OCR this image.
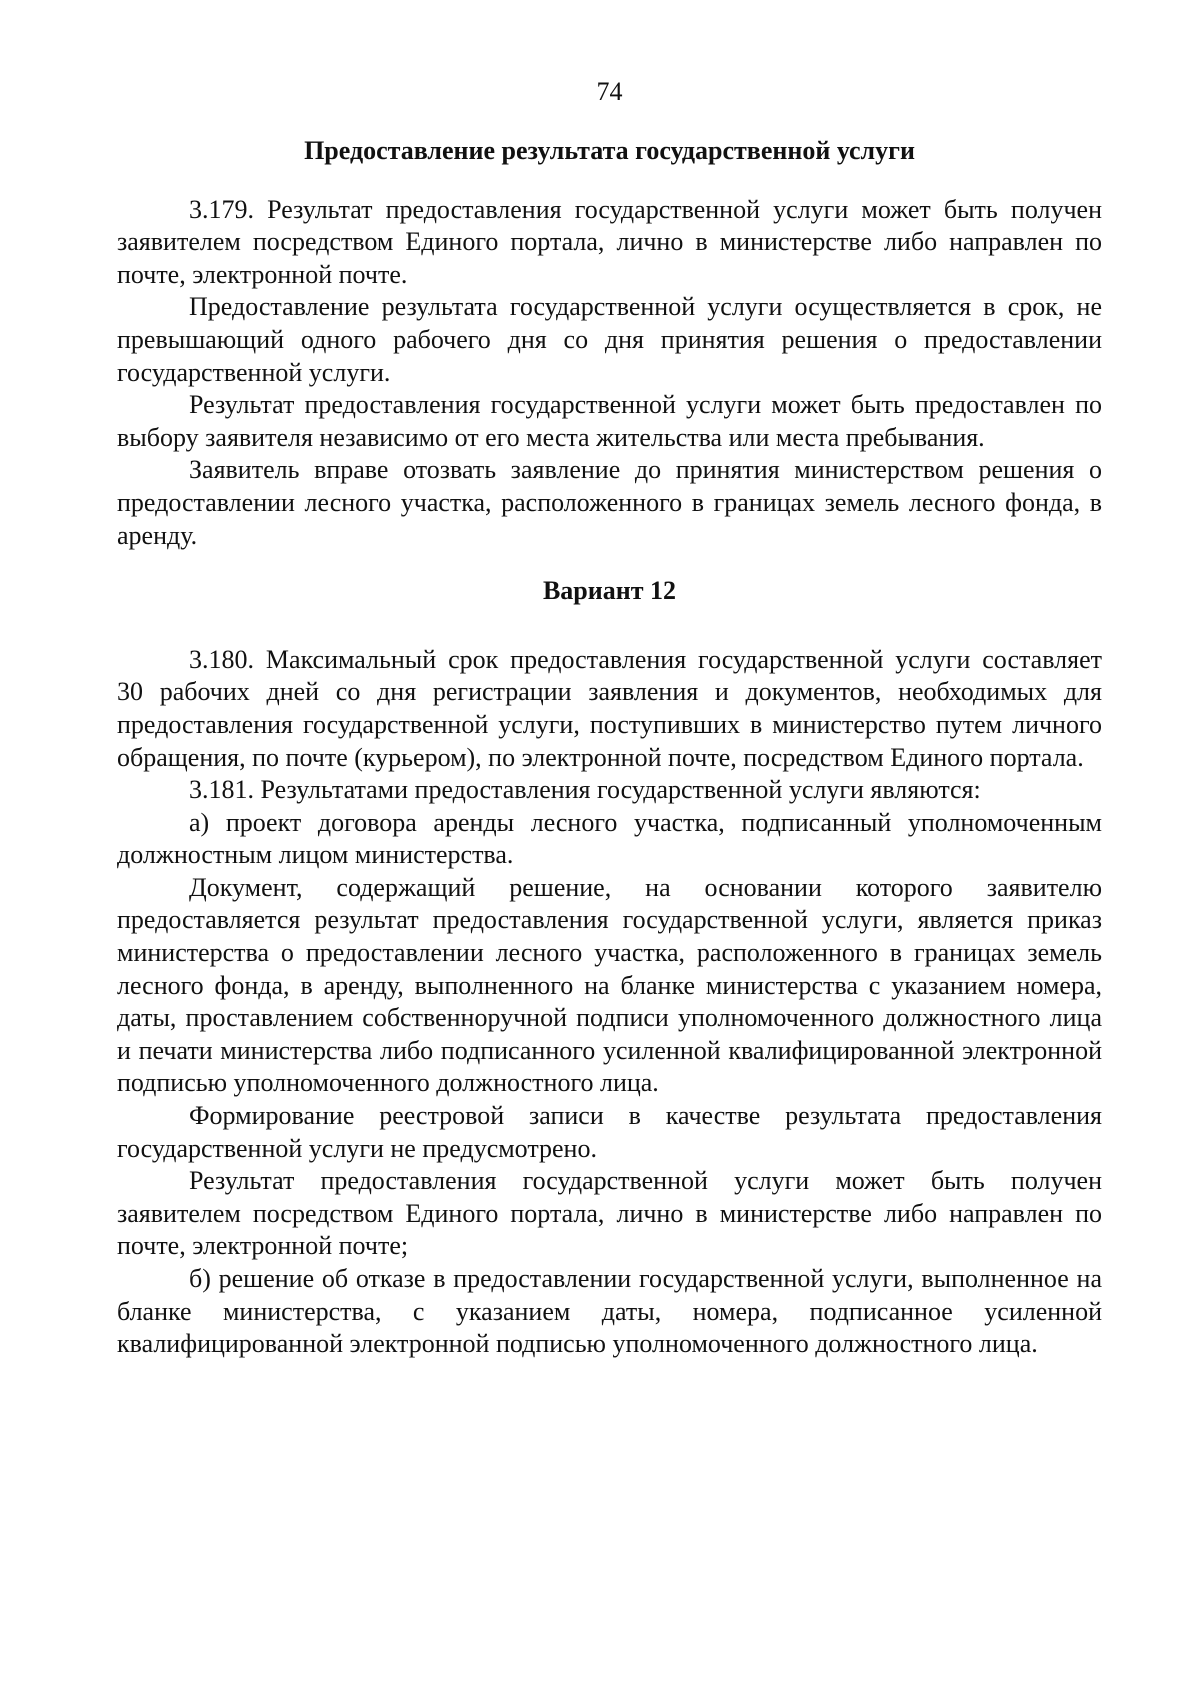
74
Предоставление результата государственной услуги

3.179. Результат предоставления государственной услуги может быть получен заявителем посредством Единого портала, лично в министерстве либо направлен по почте, электронной почте.

Предоставление результата государственной услуги осуществляется в срок, не превышающий одного рабочего дня со дня принятия решения о предоставлении государственной услуги.

Результат предоставления государственной услуги может быть предоставлен по выбору заявителя независимо от его места жительства или места пребывания.

Заявитель вправе отозвать заявление до принятия министерством решения о предоставлении лесного участка, расположенного в границах земель лесного фонда, в аренду.

Вариант 12

3.180. Максимальный срок предоставления государственной услуги составляет 30 рабочих дней со дня регистрации заявления и документов, необходимых для предоставления государственной услуги, поступивших в министерство путем личного обращения, по почте (курьером), по электронной почте, посредством Единого портала.

3.181. Результатами предоставления государственной услуги являются:

а) проект договора аренды лесного участка, подписанный уполномоченным должностным лицом министерства.

Документ, содержащий решение, на основании которого заявителю предоставляется результат предоставления государственной услуги, является приказ министерства о предоставлении лесного участка, расположенного в границах земель лесного фонда, в аренду, выполненного на бланке министерства с указанием номера, даты, проставлением собственноручной подписи уполномоченного должностного лица и печати министерства либо подписанного усиленной квалифицированной электронной подписью уполномоченного должностного лица.

Формирование реестровой записи в качестве результата предоставления государственной услуги не предусмотрено.

Результат предоставления государственной услуги может быть получен заявителем посредством Единого портала, лично в министерстве либо направлен по почте, электронной почте;

б) решение об отказе в предоставлении государственной услуги, выполненное на бланке министерства, с указанием даты, номера, подписанное усиленной квалифицированной электронной подписью уполномоченного должностного лица.
